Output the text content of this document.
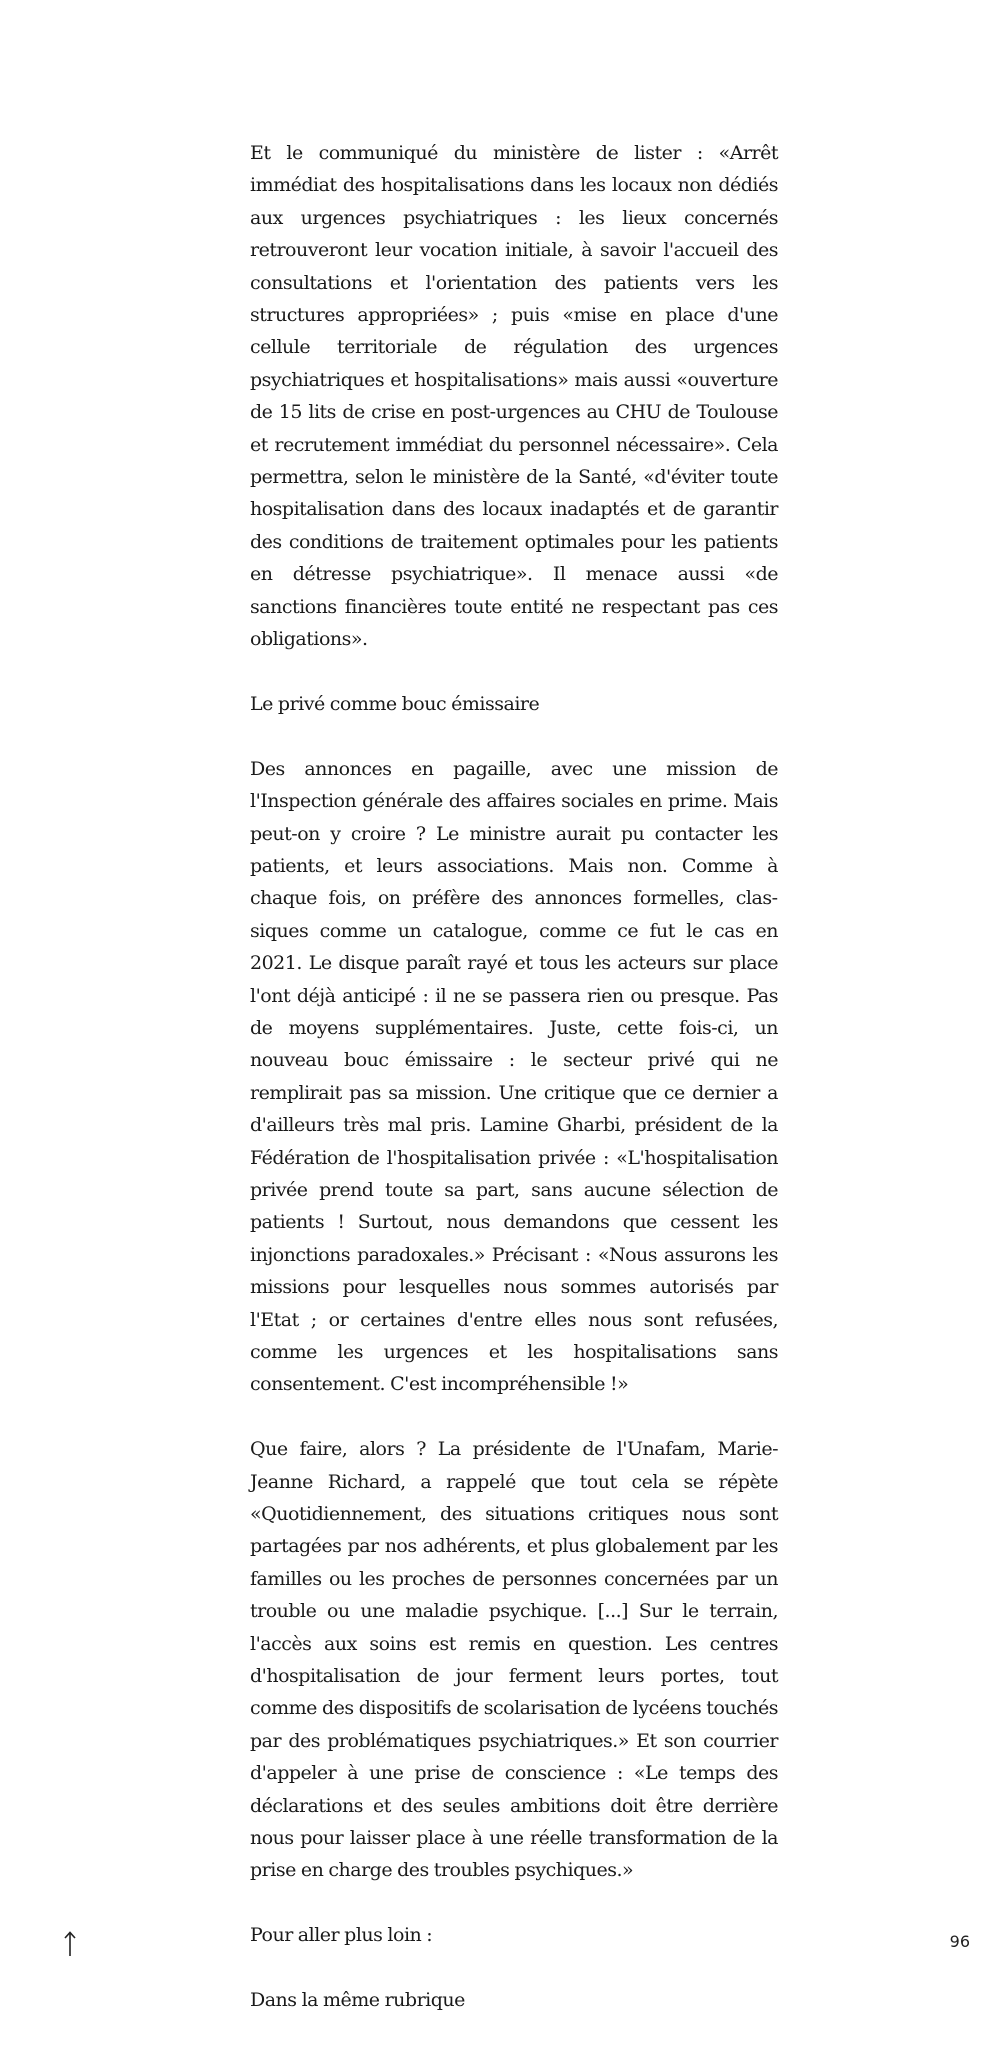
Et le communiqué du ministère de lister : «Arrêt immédiat des hospitalisations dans les locaux non dédiés aux urgences psychiatriques : les lieux concernés retrouveront leur vocation initiale, à savoir l'accueil des consultations et l'orientation des patients vers les structures appropriées» ; puis «mise en place d'une cellule territoriale de régulation des urgences psychiatriques et hospitalisations» mais aussi «ouverture de 15 lits de crise en post-urgences au CHU de Toulouse et recrutement immédiat du personnel nécessaire». Cela permettra, selon le ministère de la Santé, «d'éviter toute hospitalisation dans des locaux inadaptés et de garantir des conditions de traitement optimales pour les patients en détresse psychiatrique». Il menace aussi «de sanctions financières toute entité ne respectant pas ces obligations».

Le privé comme bouc émissaire

Des annonces en pagaille, avec une mission de l'Inspection générale des affaires sociales en prime. Mais peut-on y croire ? Le ministre aurait pu contacter les patients, et leurs associations. Mais non. Comme à chaque fois, on préfère des annonces formelles, classiques comme un catalogue, comme ce fut le cas en 2021. Le disque paraît rayé et tous les acteurs sur place l'ont déjà anticipé : il ne se passera rien ou presque. Pas de moyens supplémentaires. Juste, cette fois-ci, un nouveau bouc émissaire : le secteur privé qui ne remplirait pas sa mission. Une critique que ce dernier a d'ailleurs très mal pris. Lamine Gharbi, président de la Fédération de l'hospitalisation privée : «L'hospitalisation privée prend toute sa part, sans aucune sélection de patients ! Surtout, nous demandons que cessent les injonctions paradoxales.» Précisant : «Nous assurons les missions pour lesquelles nous sommes autorisés par l'Etat ; or certaines d'entre elles nous sont refusées, comme les urgences et les hospitalisations sans consentement. C'est incompréhensible !»

Que faire, alors ? La présidente de l'Unafam, Marie-Jeanne Richard, a rappelé que tout cela se répète «Quotidiennement, des situations critiques nous sont partagées par nos adhérents, et plus globalement par les familles ou les proches de personnes concernées par un trouble ou une maladie psychique. [...] Sur le terrain, l'accès aux soins est remis en question. Les centres d'hospitalisation de jour ferment leurs portes, tout comme des dispositifs de scolarisation de lycéens touchés par des problématiques psychiatriques.» Et son courrier d'appeler à une prise de conscience : «Le temps des déclarations et des seules ambitions doit être derrière nous pour laisser place à une réelle transformation de la prise en charge des troubles psychiques.»

Pour aller plus loin :

Dans la même rubrique

96
